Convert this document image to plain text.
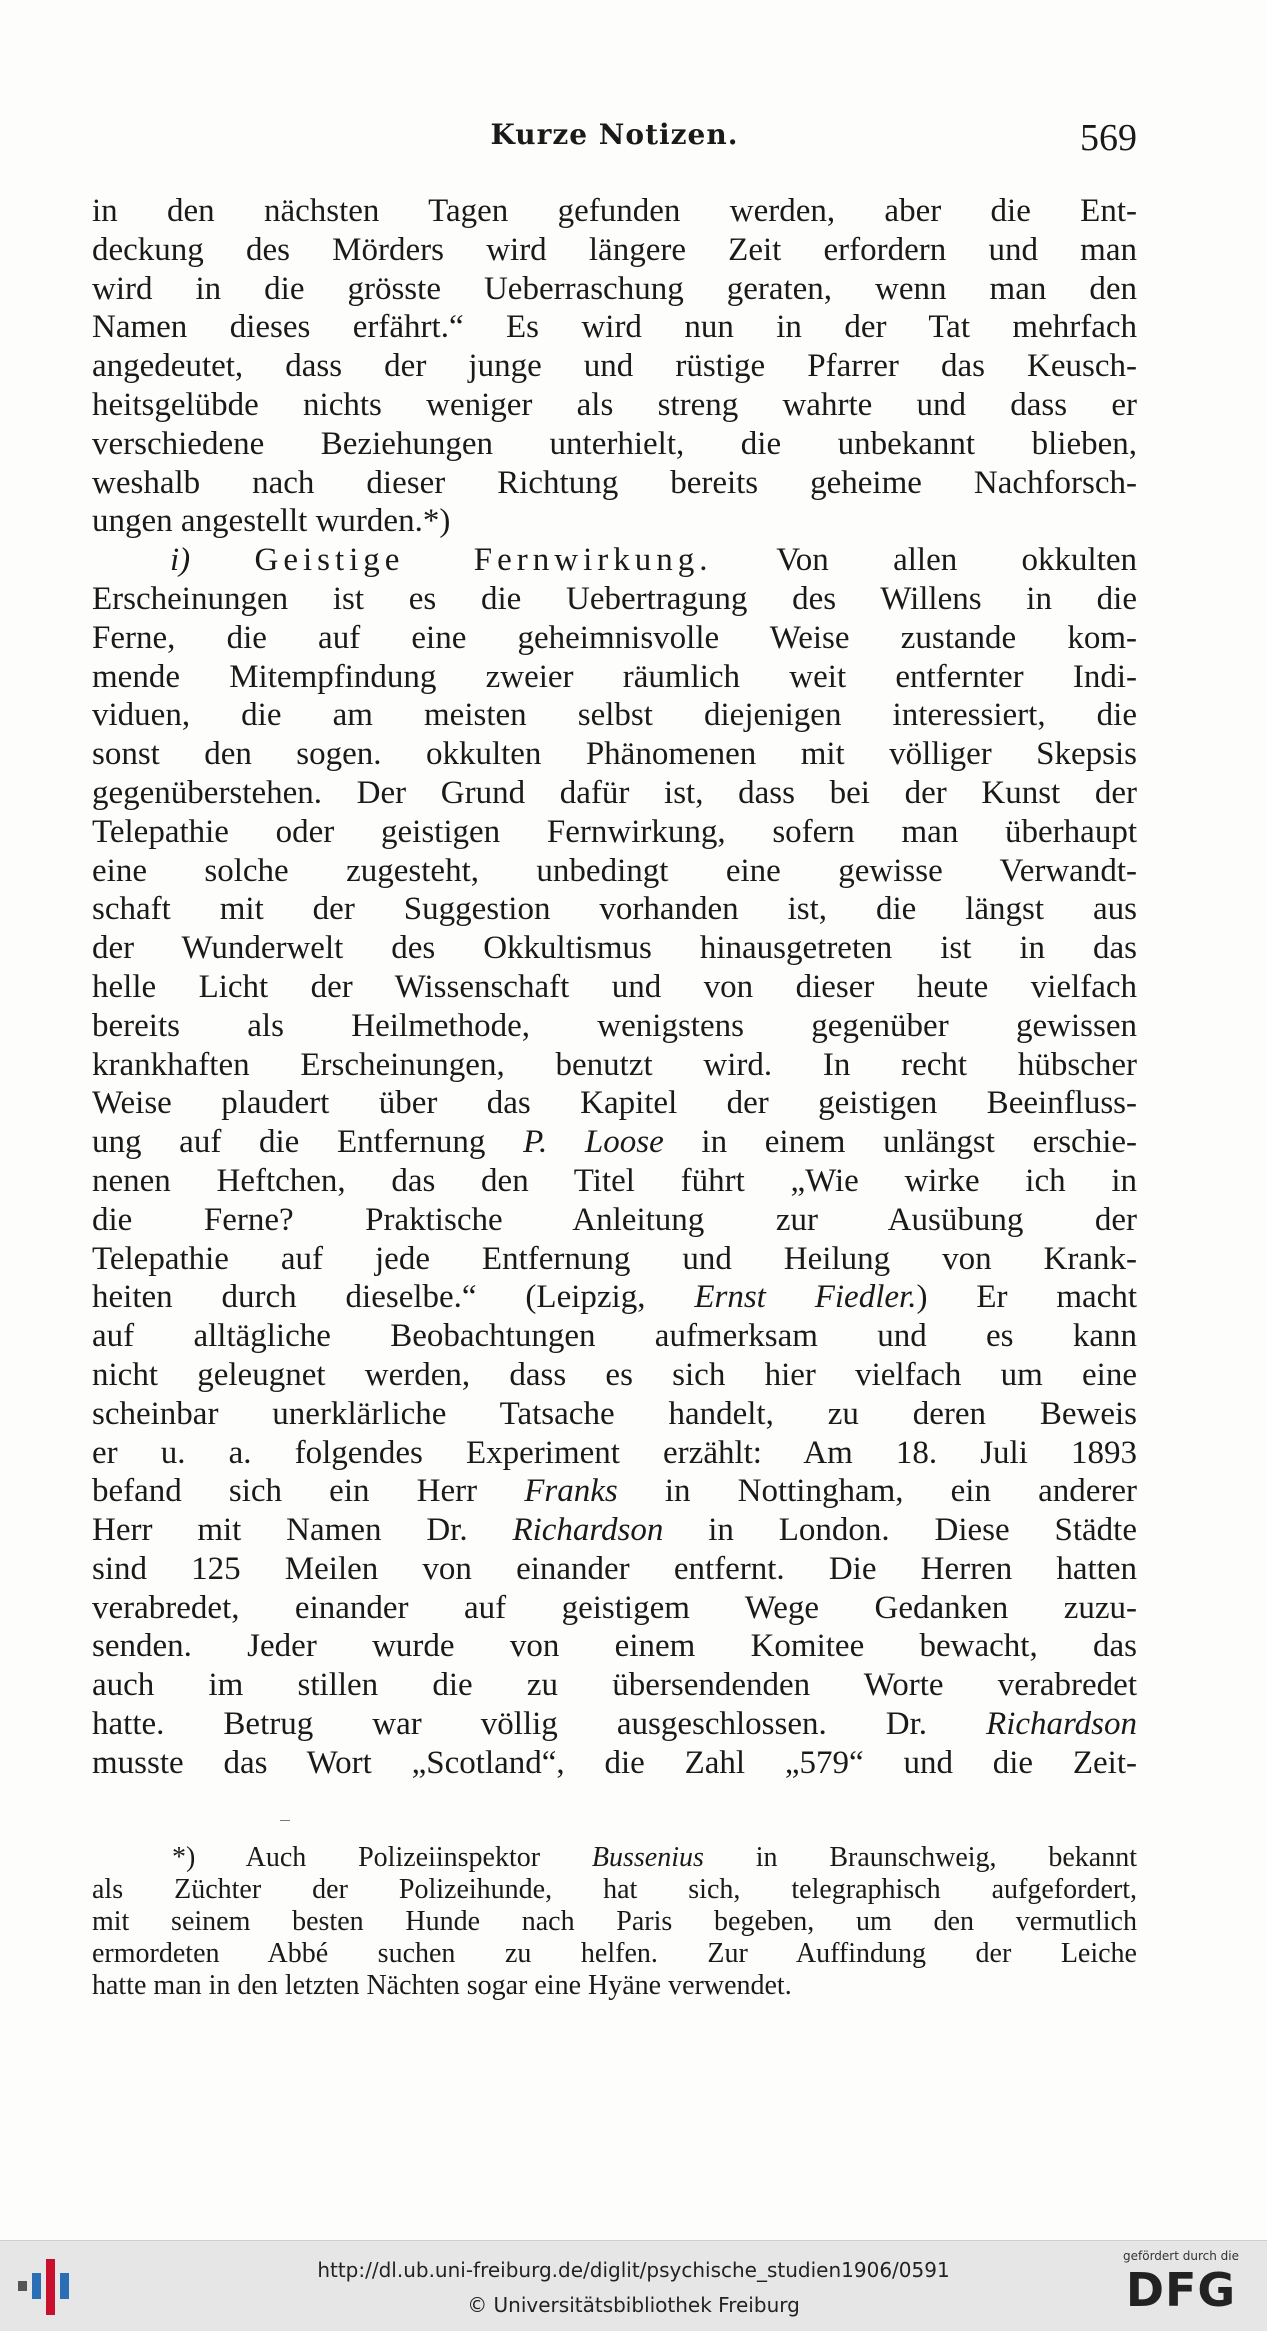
Kurze Notizen.	569

in den nächsten Tagen gefunden werden, aber die Ent-
deckung des Mörders wird längere Zeit erfordern und man
wird in die grösste Ueberraschung geraten, wenn man den
Namen dieses erfährt.“ Es wird nun in der Tat mehrfach
angedeutet, dass der junge und rüstige Pfarrer das Keusch-
heitsgelübde nichts weniger als streng wahrte und dass er
verschiedene Beziehungen unterhielt, die unbekannt blieben,
weshalb nach dieser Richtung bereits geheime Nachforsch-

ungen angestellt wurden.*)

i) Geistige Fernwirkung. Von allen okkulten

Erscheinungen ist es die Uebertragung des Willens in die
Ferne, die auf eine geheimnisvolle Weise zustande kom-
mende Mitempfindung zweier räumlich weit entfernter Indi-
viduen, die am meisten selbst diejenigen interessiert, die
sonst den sogen. okkulten Phänomenen mit völliger Skepsis
gegenüberstehen. Der Grund dafür ist, dass bei der Kunst der
Telepathie oder geistigen Fernwirkung, sofern man überhaupt
eine solche zugesteht, unbedingt eine gewisse Verwandt-
schaft mit der Suggestion vorhanden ist, die längst aus
der Wunderwelt des Okkultismus hinausgetreten ist in das
helle Licht der Wissenschaft und von dieser heute vielfach
bereits als Heilmethode, wenigstens gegenüber gewissen
krankhaften Erscheinungen, benutzt wird. In recht hübscher
Weise plaudert über das Kapitel der geistigen Beeinfluss-
ung auf die Entfernung P. Loose in einem unlängst erschie-
nenen Heftchen, das den Titel führt „Wie wirke ich in
die Ferne? Praktische Anleitung zur Ausübung der
Telepathie auf jede Entfernung und Heilung von Krank-
heiten durch dieselbe.“ (Leipzig, Ernst Fiedler.) Er macht
auf alltägliche Beobachtungen aufmerksam und es kann
nicht geleugnet werden, dass es sich hier vielfach um eine
scheinbar unerklärliche Tatsache handelt, zu deren Beweis
er u. a. folgendes Experiment erzählt: Am 18. Juli 1893
befand sich ein Herr Franks in Nottingham, ein anderer
Herr mit Namen Dr. Richardson in London. Diese Städte
sind 125 Meilen von einander entfernt. Die Herren hatten
verabredet, einander auf geistigem Wege Gedanken zuzu-
senden. Jeder wurde von einem Komitee bewacht, das
auch im stillen die zu übersendenden Worte verabredet
hatte. Betrug war völlig ausgeschlossen. Dr. Richardson
musste das Wort „Scotland“, die Zahl „579“ und die Zeit-

*) Auch Polizeiinspektor Bussenius in Braunschweig, bekannt

als Züchter der Polizeihunde, hat sich, telegraphisch aufgefordert,
mit seinem besten Hunde nach Paris begeben, um den vermutlich
ermordeten Abbé suchen zu helfen. Zur Auffindung der Leiche

hatte man in den letzten Nächten sogar eine Hyäne verwendet.

http://dl.ub.uni-freiburg.de/diglit/psychische_studien1906/0591
© Universitätsbibliothek Freiburg
gefördert durch die
DFG
